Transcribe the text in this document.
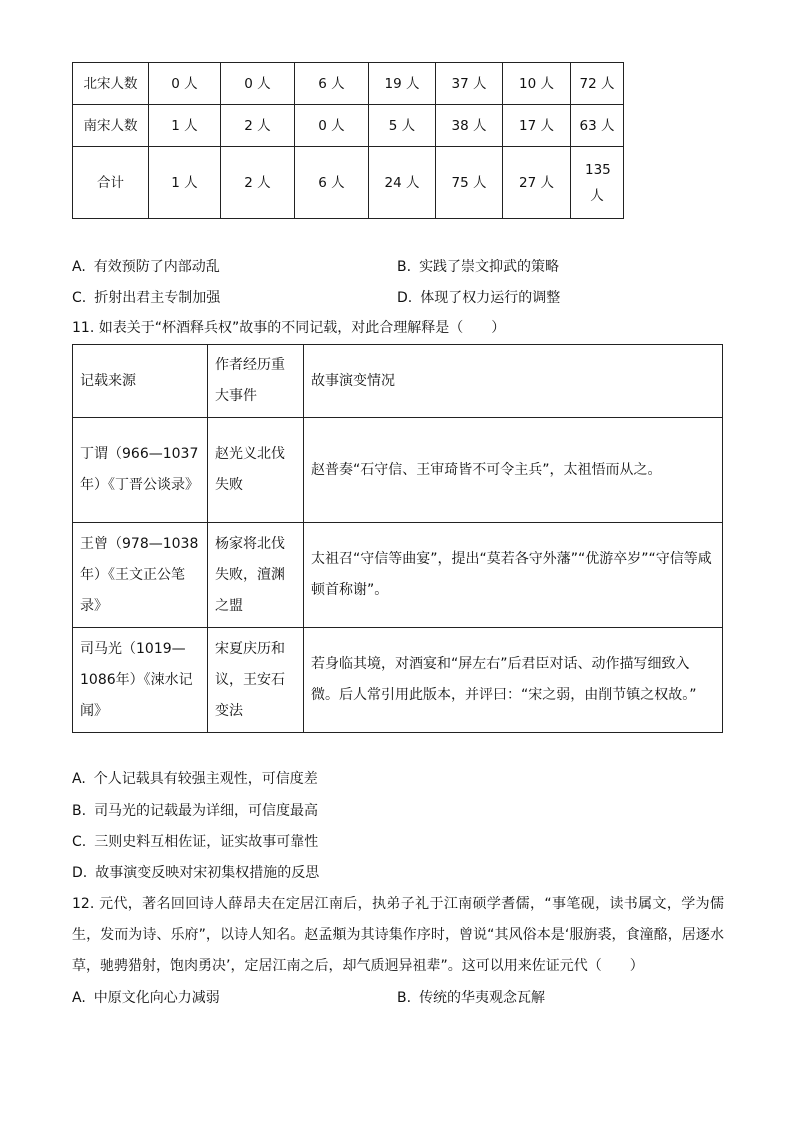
北宋人数	0 人	0 人	6 人	19 人	37 人	10 人	72 人
南宋人数	1 人	2 人	0 人	5 人	38 人	17 人	63 人
合计	1 人	2 人	6 人	24 人	75 人	27 人	135 人
A. 有效预防了内部动乱	B. 实践了崇文抑武的策略
C. 折射出君主专制加强	D. 体现了权力运行的调整
11. 如表关于“杯酒释兵权”故事的不同记载，对此合理解释是（　　）
记载来源	作者经历重大事件	故事演变情况
丁谓（966—1037年）《丁晋公谈录》	赵光义北伐失败	赵普奏“石守信、王审琦皆不可令主兵”，太祖悟而从之。
王曾（978—1038年）《王文正公笔录》	杨家将北伐失败，澶渊之盟	太祖召“守信等曲宴”，提出“莫若各守外藩”“优游卒岁”“守信等咸顿首称谢”。
司马光（1019—1086年）《涑水记闻》	宋夏庆历和议，王安石变法	若身临其境，对酒宴和“屏左右”后君臣对话、动作描写细致入微。后人常引用此版本，并评曰：“宋之弱，由削节镇之权故。”
A. 个人记载具有较强主观性，可信度差
B. 司马光的记载最为详细，可信度最高
C. 三则史料互相佐证，证实故事可靠性
D. 故事演变反映对宋初集权措施的反思
12. 元代，著名回回诗人薛昂夫在定居江南后，执弟子礼于江南硕学耆儒，“事笔砚，读书属文，学为儒生，发而为诗、乐府”，以诗人知名。赵孟頫为其诗集作序时，曾说“其风俗本是‘服旃裘，食潼酪，居逐水草，驰骋猎射，饱肉勇决’，定居江南之后，却气质迥异祖辈”。这可以用来佐证元代（　　）
A. 中原文化向心力减弱	B. 传统的华夷观念瓦解
